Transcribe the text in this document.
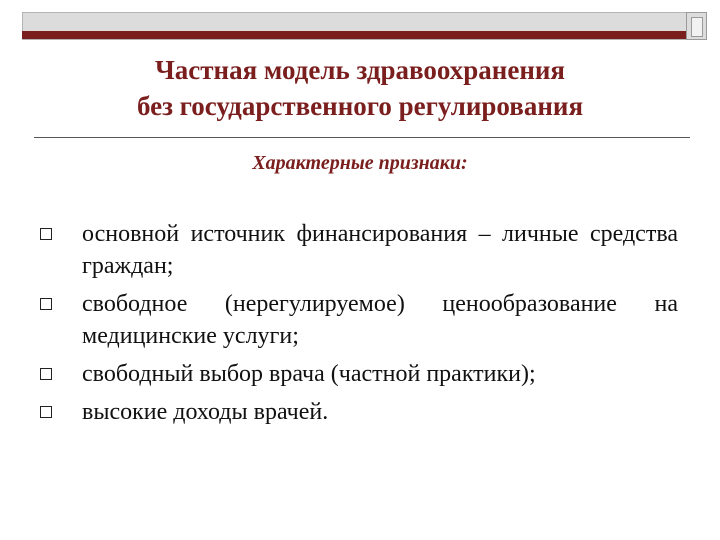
Частная модель здравоохранения
без государственного регулирования
Характерные признаки:
основной источник финансирования – личные средства граждан;
свободное (нерегулируемое) ценообразование на медицинские услуги;
свободный выбор врача (частной практики);
высокие доходы врачей.
